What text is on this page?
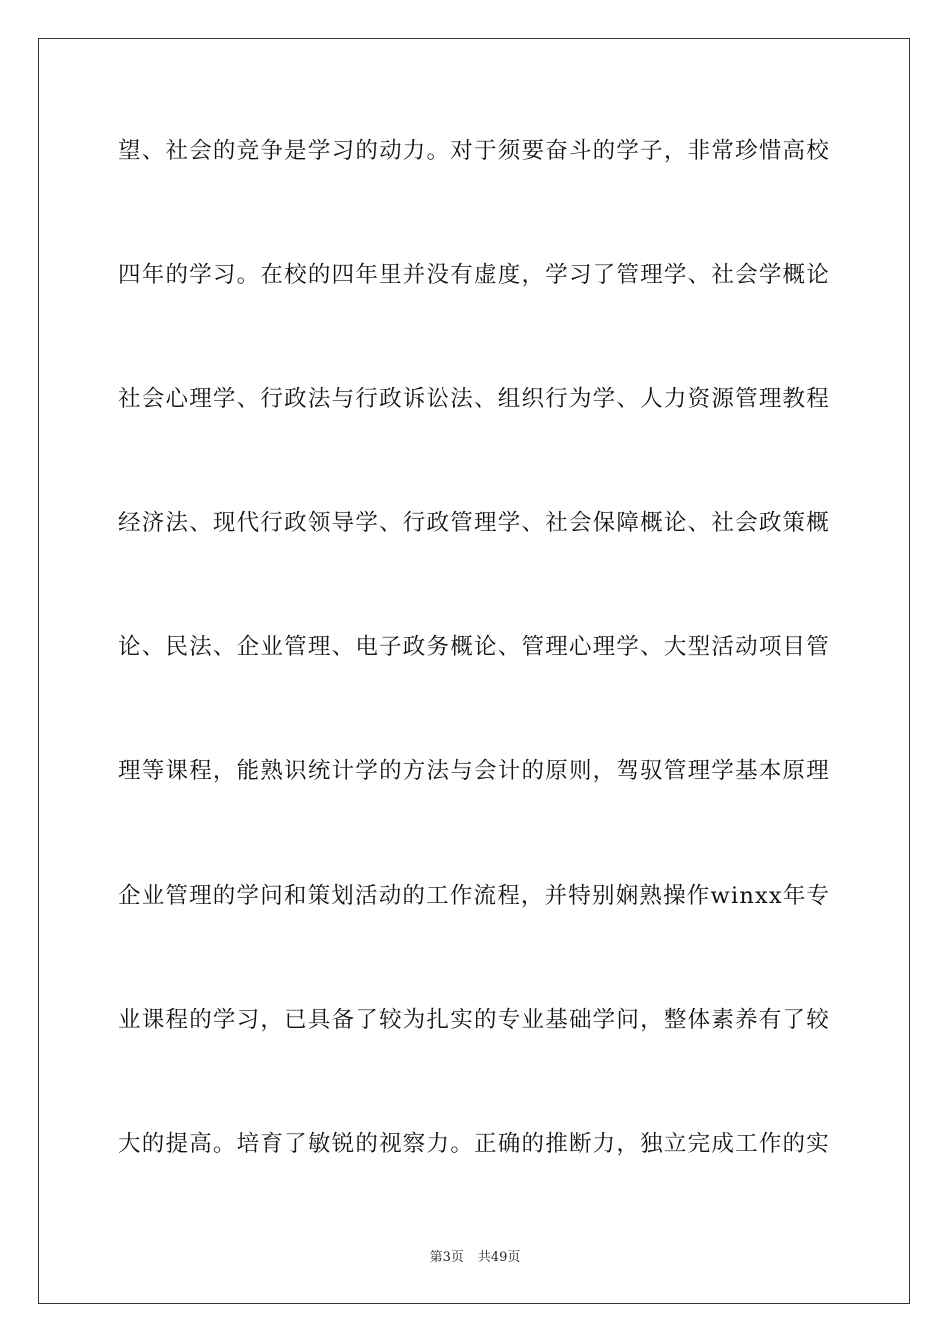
望、社会的竞争是学习的动力。对于须要奋斗的学子，非常珍惜高校
四年的学习。在校的四年里并没有虚度，学习了管理学、社会学概论
社会心理学、行政法与行政诉讼法、组织行为学、人力资源管理教程
经济法、现代行政领导学、行政管理学、社会保障概论、社会政策概
论、民法、企业管理、电子政务概论、管理心理学、大型活动项目管
理等课程，能熟识统计学的方法与会计的原则，驾驭管理学基本原理
企业管理的学问和策划活动的工作流程，并特别娴熟操作winxx年专
业课程的学习，已具备了较为扎实的专业基础学问，整体素养有了较
大的提高。培育了敏锐的视察力。正确的推断力，独立完成工作的实
第3页 共49页
